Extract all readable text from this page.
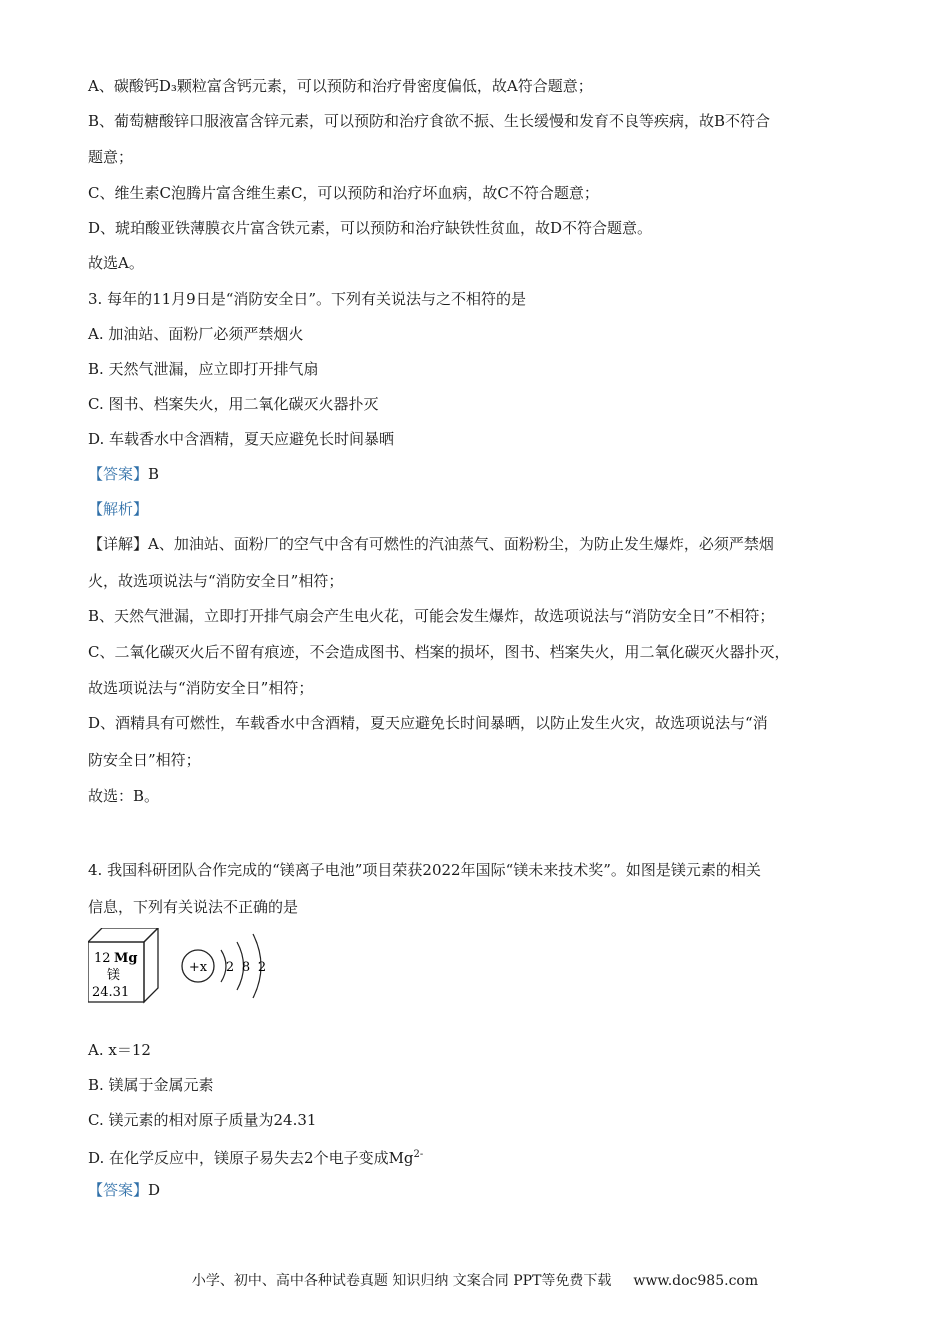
A、碳酸钙D₃颗粒富含钙元素，可以预防和治疗骨密度偏低，故A符合题意；
B、葡萄糖酸锌口服液富含锌元素，可以预防和治疗食欲不振、生长缓慢和发育不良等疾病，故B不符合
题意；
C、维生素C泡腾片富含维生素C，可以预防和治疗坏血病，故C不符合题意；
D、琥珀酸亚铁薄膜衣片富含铁元素，可以预防和治疗缺铁性贫血，故D不符合题意。
故选A。
3. 每年的11月9日是“消防安全日”。下列有关说法与之不相符的是
A. 加油站、面粉厂必须严禁烟火
B. 天然气泄漏，应立即打开排气扇
C. 图书、档案失火，用二氧化碳灭火器扑灭
D. 车载香水中含酒精，夏天应避免长时间暴晒
【答案】B
【解析】
【详解】A、加油站、面粉厂的空气中含有可燃性的汽油蒸气、面粉粉尘，为防止发生爆炸，必须严禁烟
火，故选项说法与“消防安全日”相符；
B、天然气泄漏，立即打开排气扇会产生电火花，可能会发生爆炸，故选项说法与“消防安全日”不相符；
C、二氧化碳灭火后不留有痕迹，不会造成图书、档案的损坏，图书、档案失火，用二氧化碳灭火器扑灭，
故选项说法与“消防安全日”相符；
D、酒精具有可燃性，车载香水中含酒精，夏天应避免长时间暴晒，以防止发生火灾，故选项说法与“消
防安全日”相符；
故选：B。
4. 我国科研团队合作完成的“镁离子电池”项目荣获2022年国际“镁未来技术奖”。如图是镁元素的相关
信息，下列有关说法不正确的是
12 Mg
镁
24.31
+x 2 8 2
A. x＝12
B. 镁属于金属元素
C. 镁元素的相对原子质量为24.31
D. 在化学反应中，镁原子易失去2个电子变成$Mg^{2-}$
【答案】D
小学、初中、高中各种试卷真题 知识归纳 文案合同 PPT等免费下载 www.doc985.com
